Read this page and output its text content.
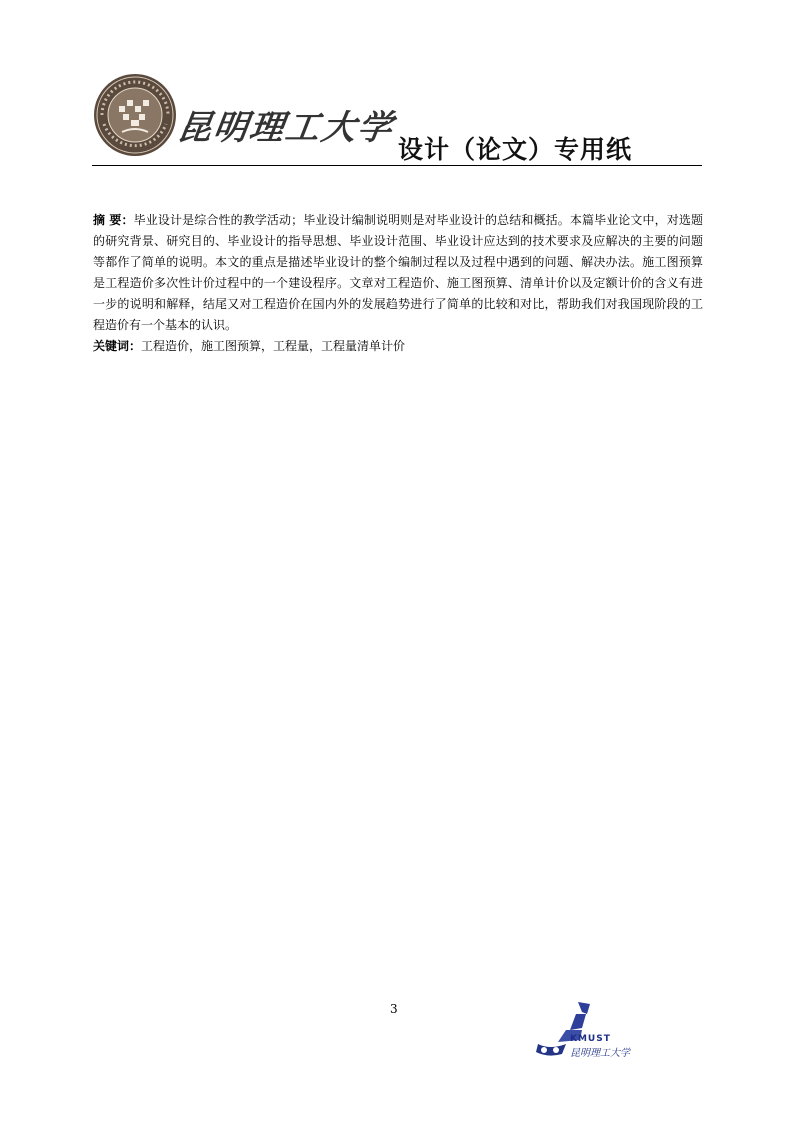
昆明理工大学
设计（论文）专用纸
摘 要：毕业设计是综合性的教学活动；毕业设计编制说明则是对毕业设计的总结和概括。本篇毕业论文中，对选题的研究背景、研究目的、毕业设计的指导思想、毕业设计范围、毕业设计应达到的技术要求及应解决的主要的问题等都作了简单的说明。本文的重点是描述毕业设计的整个编制过程以及过程中遇到的问题、解决办法。施工图预算是工程造价多次性计价过程中的一个建设程序。文章对工程造价、施工图预算、清单计价以及定额计价的含义有进一步的说明和解释，结尾又对工程造价在国内外的发展趋势进行了简单的比较和对比，帮助我们对我国现阶段的工程造价有一个基本的认识。
关键词：工程造价，施工图预算，工程量，工程量清单计价
3
KMUST
昆明理工大学
